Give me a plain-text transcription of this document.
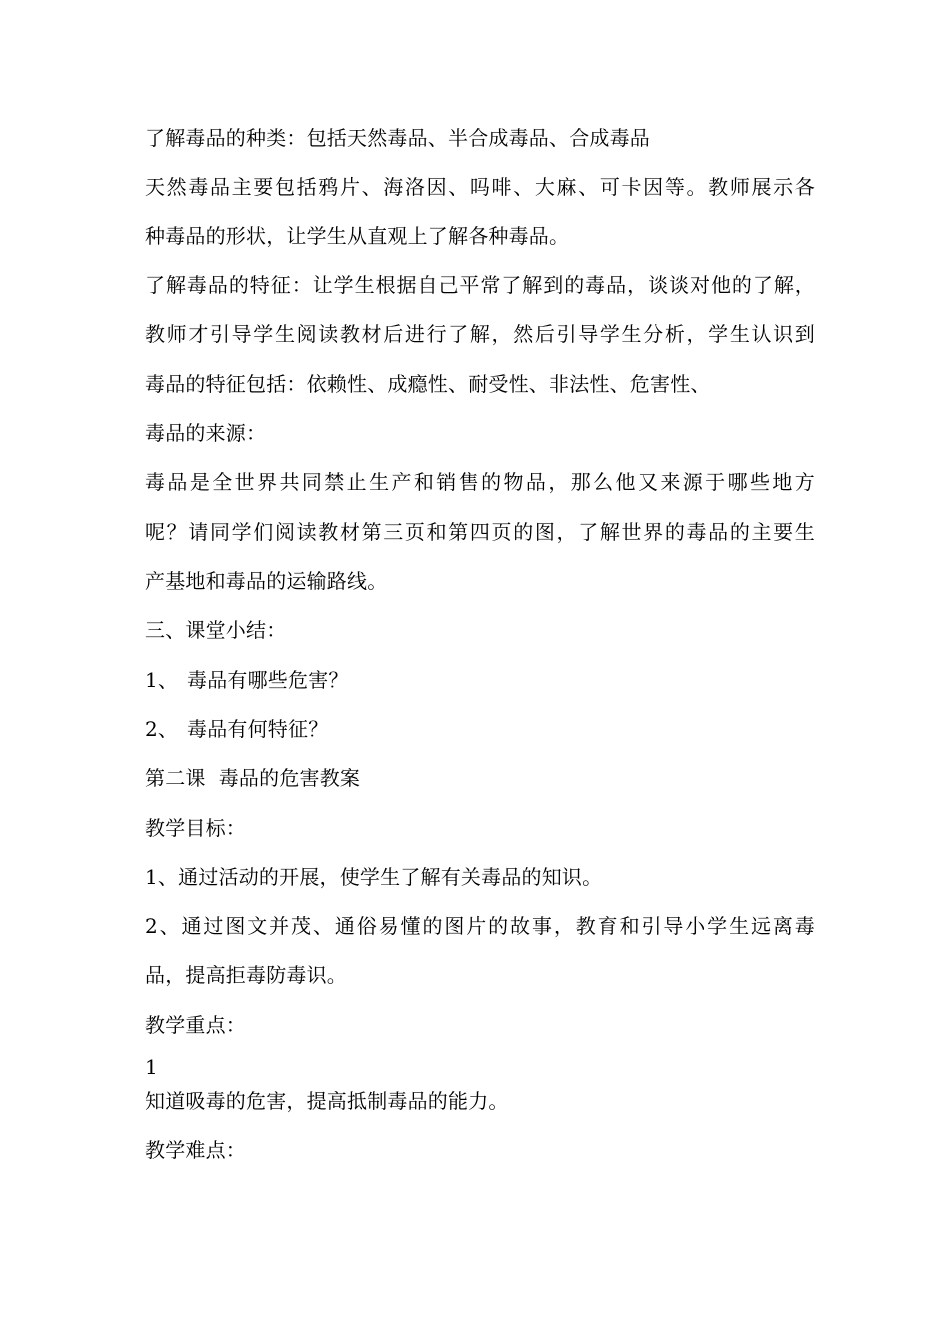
了解毒品的种类：包括天然毒品、半合成毒品、合成毒品
天然毒品主要包括鸦片、海洛因、吗啡、大麻、可卡因等。教师展示各
种毒品的形状，让学生从直观上了解各种毒品。
了解毒品的特征：让学生根据自己平常了解到的毒品，谈谈对他的了解，
教师才引导学生阅读教材后进行了解，然后引导学生分析，学生认识到
毒品的特征包括：依赖性、成瘾性、耐受性、非法性、危害性、
毒品的来源：
毒品是全世界共同禁止生产和销售的物品，那么他又来源于哪些地方
呢？请同学们阅读教材第三页和第四页的图，了解世界的毒品的主要生
产基地和毒品的运输路线。
三、课堂小结：
1、 毒品有哪些危害？
2、 毒品有何特征？
第二课  毒品的危害教案
教学目标：
1、通过活动的开展，使学生了解有关毒品的知识。
2、通过图文并茂、通俗易懂的图片的故事，教育和引导小学生远离毒
品，提高拒毒防毒识。
教学重点：
1
知道吸毒的危害，提高抵制毒品的能力。
教学难点：
